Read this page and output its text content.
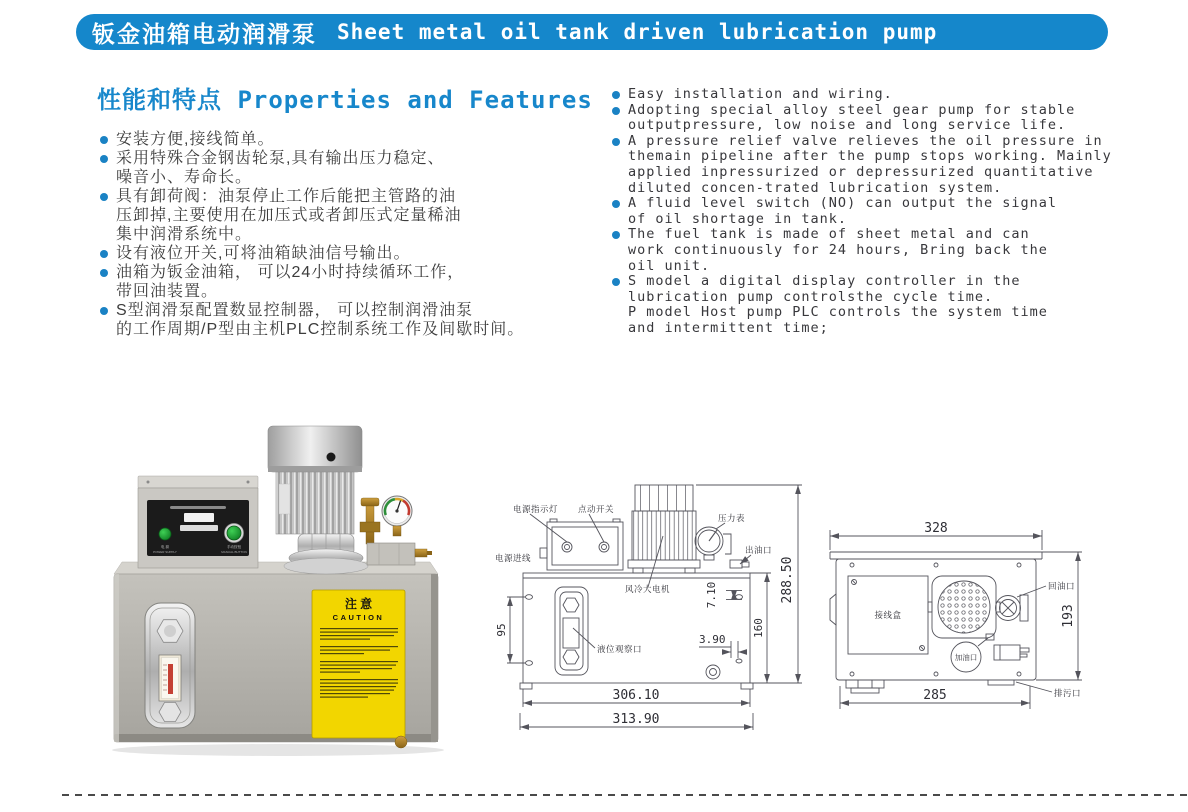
钣金油箱电动润滑泵 Sheet metal oil tank driven lubrication pump
性能和特点 Properties and Features
安装方便,接线简单。
采用特殊合金钢齿轮泵,具有输出压力稳定、
噪音小、寿命长。
具有卸荷阀：油泵停止工作后能把主管路的油
压卸掉,主要使用在加压式或者卸压式定量稀油
集中润滑系统中。
设有液位开关,可将油箱缺油信号输出。
油箱为钣金油箱， 可以24小时持续循环工作，
带回油装置。
S型润滑泵配置数显控制器， 可以控制润滑油泵
的工作周期/P型由主机PLC控制系统工作及间歇时间。
Easy installation and wiring.
Adopting special alloy steel gear pump for stable
outputpressure, low noise and long service life.
A pressure relief valve relieves the oil pressure in
themain pipeline after the pump stops working. Mainly
applied inpressurized or depressurized quantitative
diluted concen-trated lubrication system.
A fluid level switch (NO) can output the signal
of oil shortage in tank.
The fuel tank is made of sheet metal and can
work continuously for 24 hours, Bring back the
oil unit.
S model a digital display controller in the
lubrication pump controlsthe cycle time.
P model Host pump PLC controls the system time
and intermittent time;
电 源	手动按钮
POWER SUPPLY	MANUAL BUTTON
注 意
CAUTION
电源指示灯 点动开关
电源进线
压力表
出油口
风冷大电机
液位观察口
95
7.10
160
288.50
3.90
306.10
313.90
接线盒
回油口
加油口
排污口
328
193
285
